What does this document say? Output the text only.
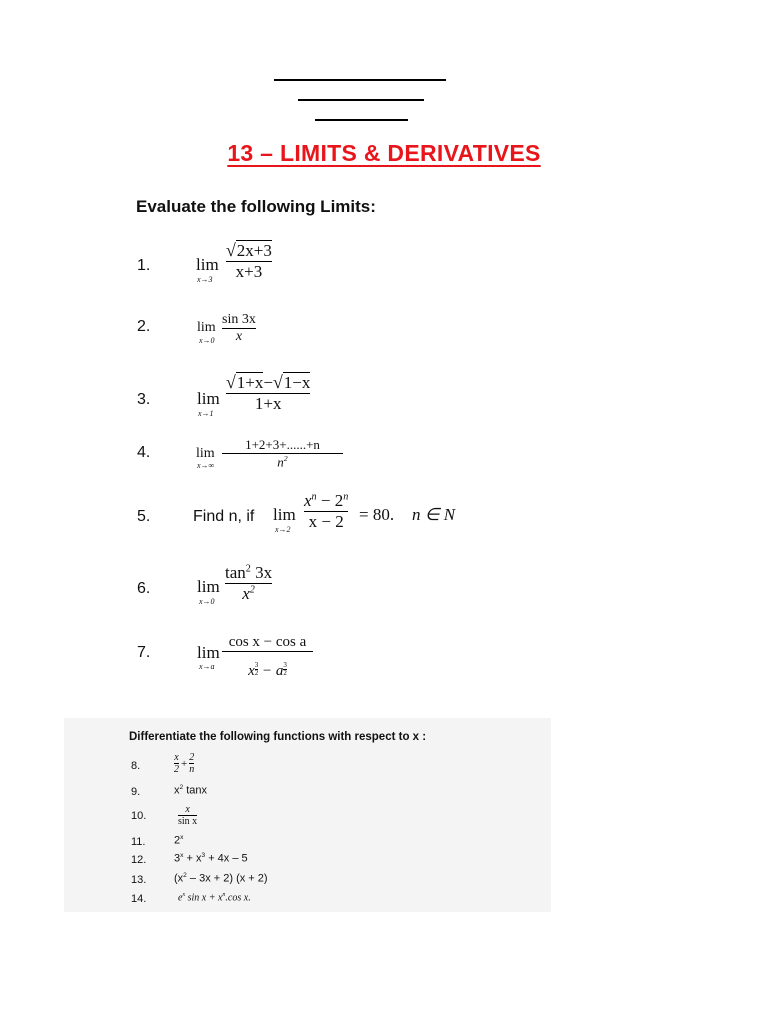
13 – LIMITS & DERIVATIVES
Evaluate the following Limits:
1.	lim
x→3
√2x+3
x+3
2.	lim
x→0
sin 3x
x
3.	lim
x→1
√1+x−√1−x
1+x
4.	lim
x→∞
1+2+3+......+n
$n^2$
5.	Find n, if lim
x→2
$x^n - 2^n$
x − 2 = 80. n ∈ N
6.	lim
x→0
$\tan^2 3x$
$x^2$
7.	lim
x→a
cos x − cos a
x $\frac{3}{2} - a \frac{3}{2}$
Differentiate the following functions with respect to x :
8.	$\frac{x}{2} + \frac{2}{n}$
9.	$x^2$ tanx
10.
x
sin x
11.	2$^x$
12.	$3^x + x^3 + 4x - 5$
13.	$(x^2 - 3x + 2) (x + 2)$
14.	$e^x$ $\sin x + x^n.\cos$ x.
